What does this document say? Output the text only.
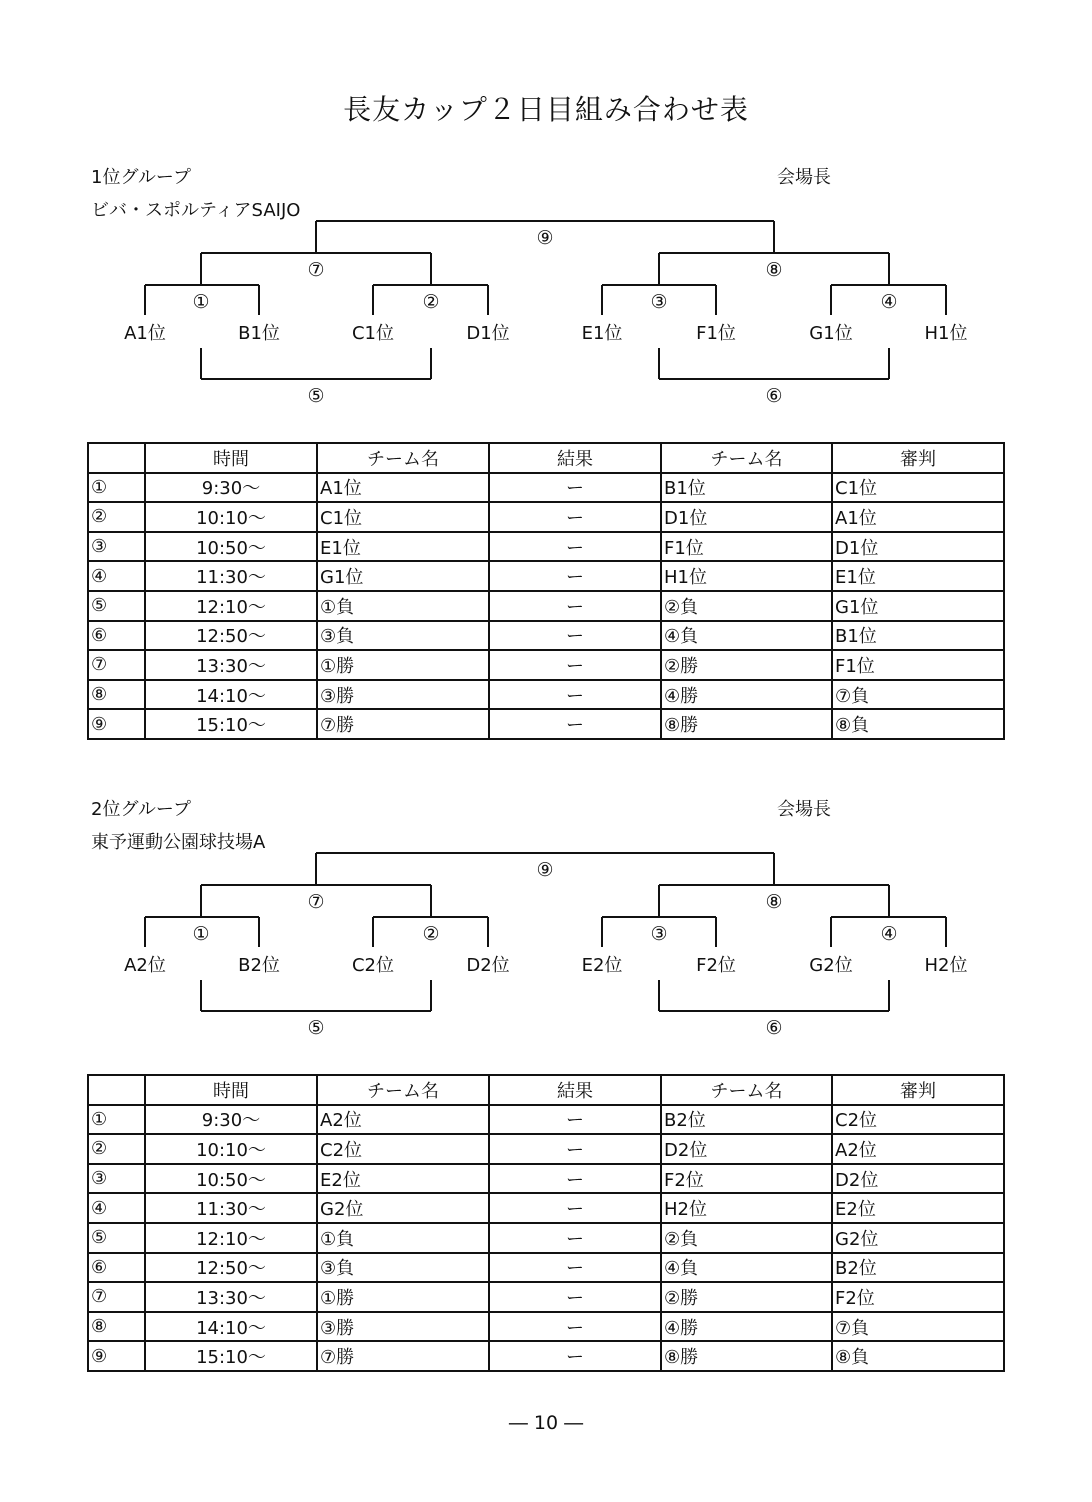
長友カップ２日目組み合わせ表
1位グループ	会場長
ビバ・スポルティアSAIJO
⑨
⑦	⑧
①	②	③	④
A1位	B1位	C1位	D1位	E1位	F1位	G1位	H1位
⑤	⑥
	時間	チーム名	結果	チーム名	審判
①	9:30～	A1位	ー	B1位	C1位
②	10:10～	C1位	ー	D1位	A1位
③	10:50～	E1位	ー	F1位	D1位
④	11:30～	G1位	ー	H1位	E1位
⑤	12:10～	①負	ー	②負	G1位
⑥	12:50～	③負	ー	④負	B1位
⑦	13:30～	①勝	ー	②勝	F1位
⑧	14:10～	③勝	ー	④勝	⑦負
⑨	15:10～	⑦勝	ー	⑧勝	⑧負
2位グループ	会場長
東予運動公園球技場A
⑨
⑦	⑧
①	②	③	④
A2位	B2位	C2位	D2位	E2位	F2位	G2位	H2位
⑤	⑥
	時間	チーム名	結果	チーム名	審判
①	9:30～	A2位	ー	B2位	C2位
②	10:10～	C2位	ー	D2位	A2位
③	10:50～	E2位	ー	F2位	D2位
④	11:30～	G2位	ー	H2位	E2位
⑤	12:10～	①負	ー	②負	G2位
⑥	12:50～	③負	ー	④負	B2位
⑦	13:30～	①勝	ー	②勝	F2位
⑧	14:10～	③勝	ー	④勝	⑦負
⑨	15:10～	⑦勝	ー	⑧勝	⑧負
― 10 ―
